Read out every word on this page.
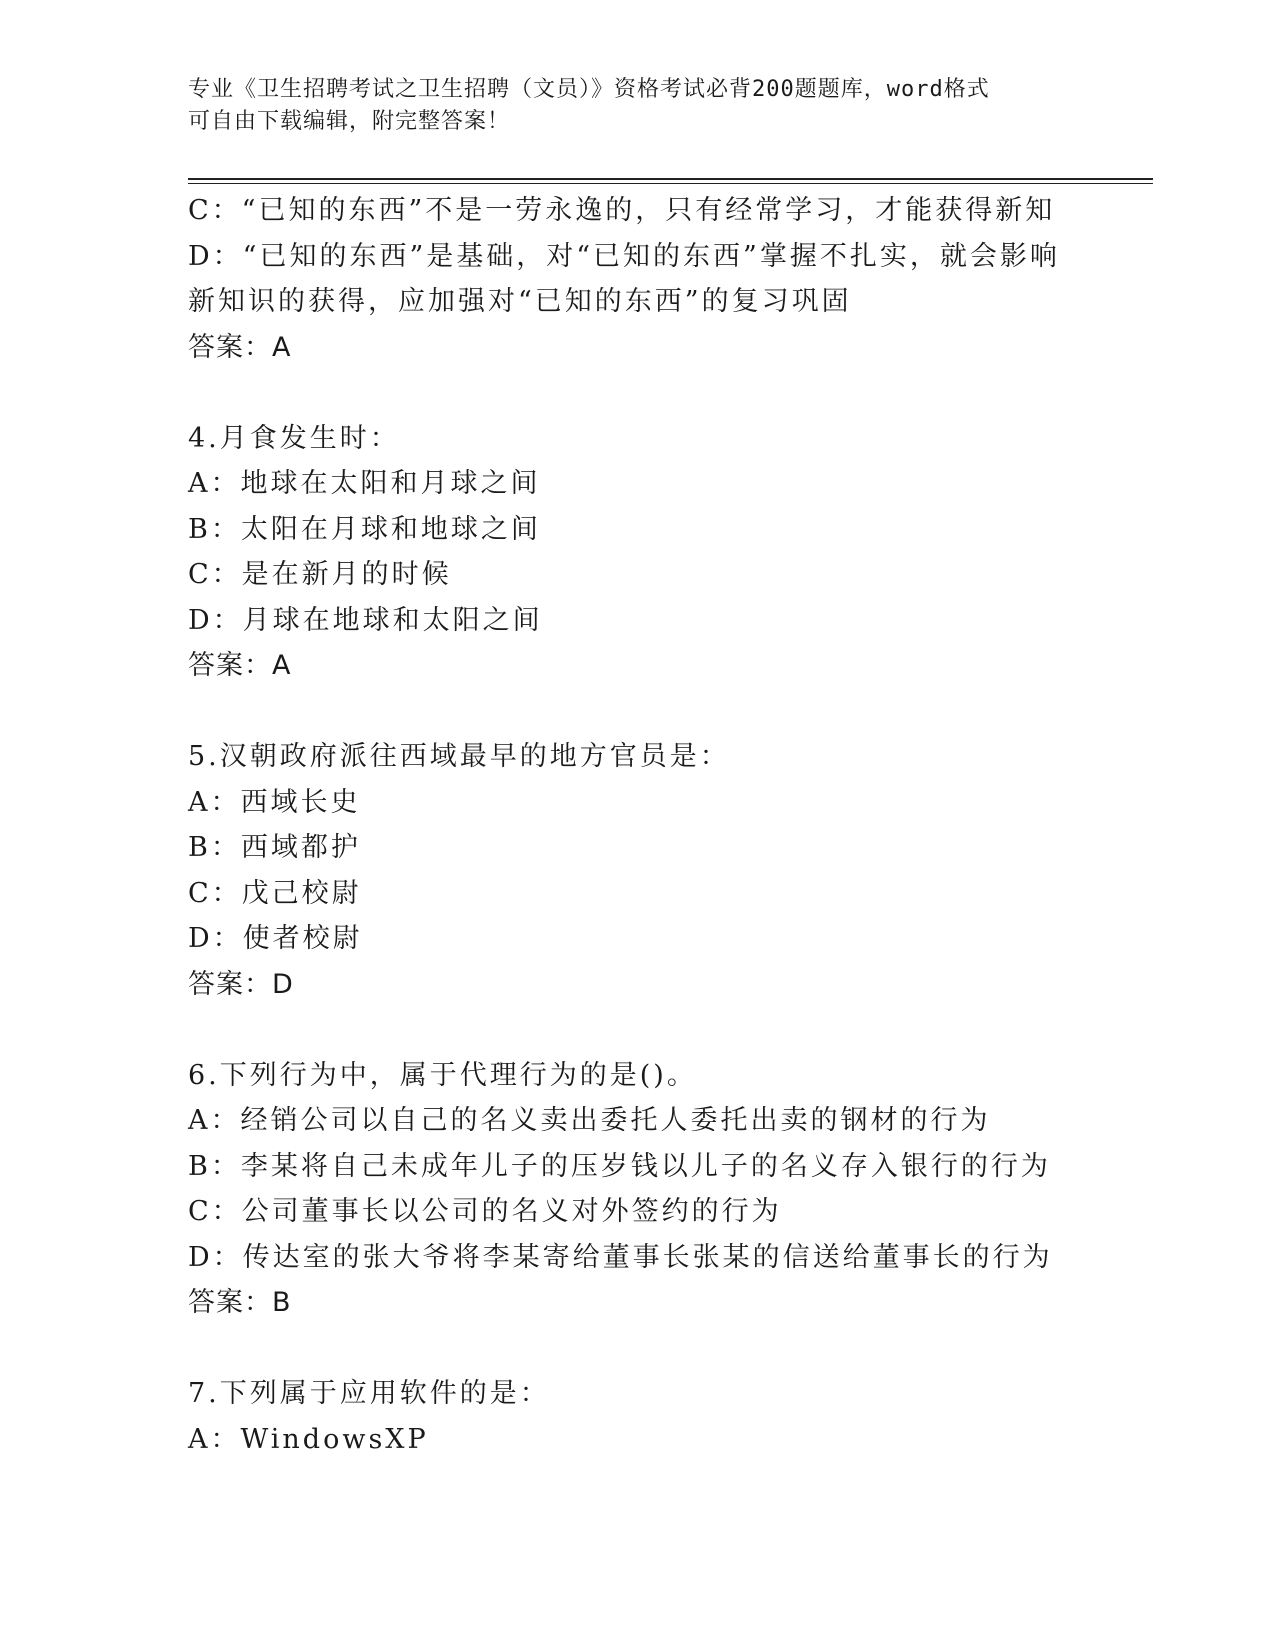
专业《卫生招聘考试之卫生招聘（文员）》资格考试必背200题题库，word格式
可自由下载编辑，附完整答案！
C：“已知的东西”不是一劳永逸的，只有经常学习，才能获得新知
D：“已知的东西”是基础，对“已知的东西”掌握不扎实，就会影响
新知识的获得，应加强对“已知的东西”的复习巩固
答案：A
4.月食发生时：
A：地球在太阳和月球之间
B：太阳在月球和地球之间
C：是在新月的时候
D：月球在地球和太阳之间
答案：A
5.汉朝政府派往西域最早的地方官员是：
A：西域长史
B：西域都护
C：戊己校尉
D：使者校尉
答案：D
6.下列行为中，属于代理行为的是()。
A：经销公司以自己的名义卖出委托人委托出卖的钢材的行为
B：李某将自己未成年儿子的压岁钱以儿子的名义存入银行的行为
C：公司董事长以公司的名义对外签约的行为
D：传达室的张大爷将李某寄给董事长张某的信送给董事长的行为
答案：B
7.下列属于应用软件的是：
A：WindowsXP
